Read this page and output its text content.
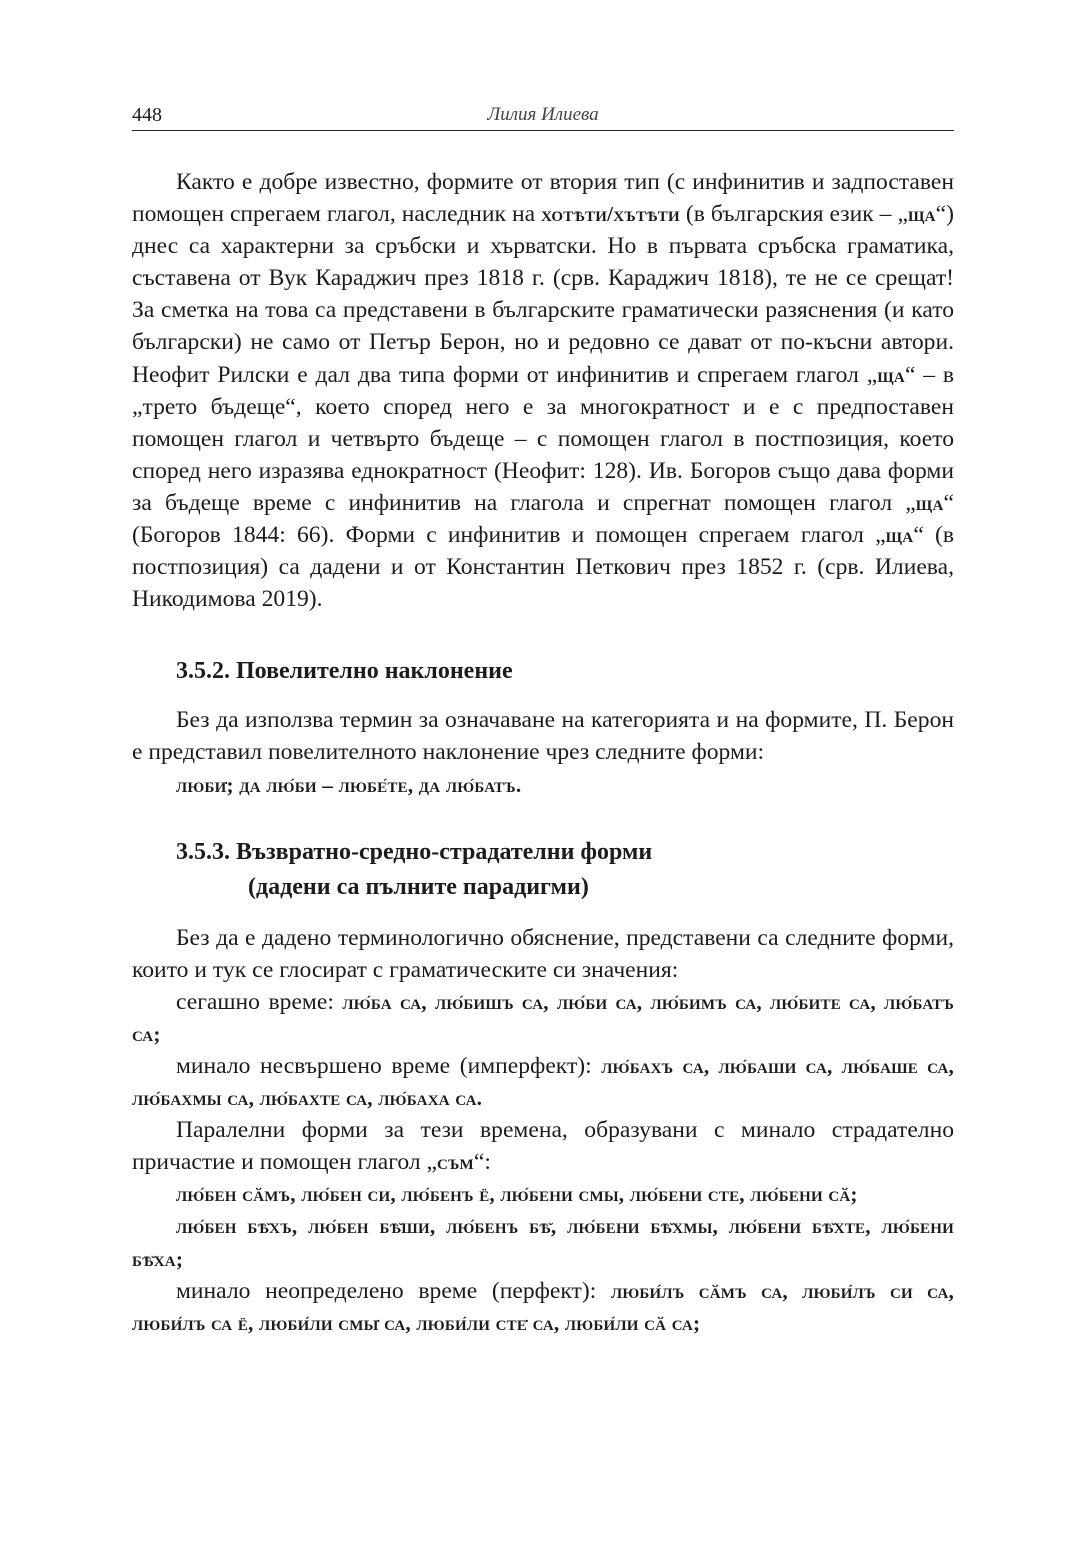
448	Лилия Илиева

Както е добре известно, формите от втория тип (с инфинитив и задпоставен помощен спрегаем глагол, наследник на хотѣти/хътѣти (в българския език – „ща“) днес са характерни за сръбски и хърватски. Но в първата сръбска граматика, съставена от Вук Караджич през 1818 г. (срв. Караджич 1818), те не се срещат! За сметка на това са представени в българските граматически разяснения (и като български) не само от Петър Берон, но и редовно се дават от по-късни автори. Неофит Рилски е дал два типа форми от инфинитив и спрегаем глагол „ща“ – в „трето бъдеще“, което според него е за многократност и е с предпоставен помощен глагол и четвърто бъдеще – с помощен глагол в постпозиция, което според него изразява еднократност (Неофит: 128). Ив. Богоров също дава форми за бъдеще време с инфинитив на глагола и спрегнат помощен глагол „ща“ (Богоров 1844: 66). Форми с инфинитив и помощен спрегаем глагол „ща“ (в постпозиция) са дадени и от Константин Петкович през 1852 г. (срв. Илиева, Никодимова 2019).

3.5.2. Повелително наклонение

Без да използва термин за означаване на категорията и на формите, П. Берон е представил повелителното наклонение чрез следните форми:

люби̇; да лю́би – любе́те, да лю́батъ.

3.5.3. Възвратно-средно-страдателни форми
(дадени са пълните парадигми)

Без да е дадено терминологично обяснение, представени са следните форми, които и тук се глосират с граматическите си значения:

сегашно време: лю́ба са, лю́бишъ са, лю́би са, лю́бимъ са, лю́бите са, лю́батъ са;

минало несвършено време (имперфект): лю́бахъ са, лю́баши са, лю́баше са, лю́бахмы са, лю́бахте са, лю́баха са.

Паралелни форми за тези времена, образувани с минало страдателно причастие и помощен глагол „съм“:

лю́бен сӑмъ, лю́бен си, лю́бенъ ё, лю́бени смы, лю́бени сте, лю́бени сӑ;

лю́бен бѣ̆хъ, лю́бен бѣ̆ши, лю́бенъ бѣ̆, лю́бени бѣ̆хмы, лю́бени бѣ̆хте, лю́бени бѣ̆ха;

минало неопределено време (перфект): люби́лъ сӑмъ са, люби́лъ си са, люби́лъ са ё, люби́ли смы̇ са, люби́ли сте̇ са, люби́ли сӑ са;
